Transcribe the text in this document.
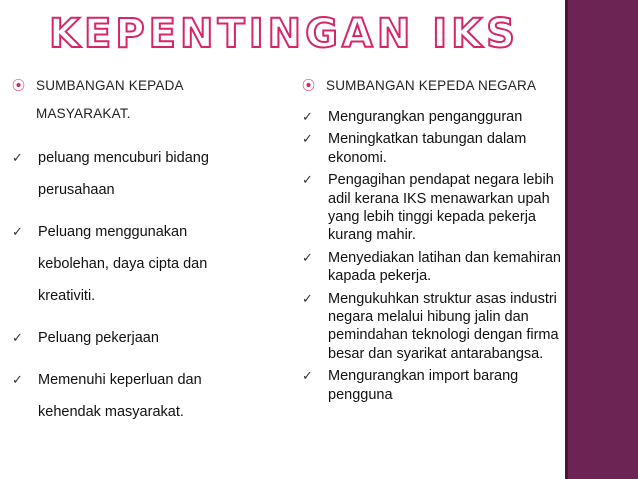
KEPENTINGAN IKS
⦿ SUMBANGAN KEPADA MASYARAKAT.
✓	peluang mencuburi bidang perusahaan
✓	Peluang menggunakan kebolehan, daya cipta dan kreativiti.
✓	Peluang pekerjaan
✓	Memenuhi keperluan dan kehendak masyarakat.
⦿ SUMBANGAN KEPEDA NEGARA
✓	Mengurangkan pengangguran
✓	Meningkatkan tabungan dalam ekonomi.
✓	Pengagihan pendapat negara lebih adil kerana IKS menawarkan upah yang lebih tinggi kepada pekerja kurang mahir.
✓	Menyediakan latihan dan kemahiran kapada pekerja.
✓	Mengukuhkan struktur asas industri negara melalui hibung jalin dan pemindahan teknologi dengan firma besar dan syarikat antarabangsa.
✓	Mengurangkan import barang pengguna
